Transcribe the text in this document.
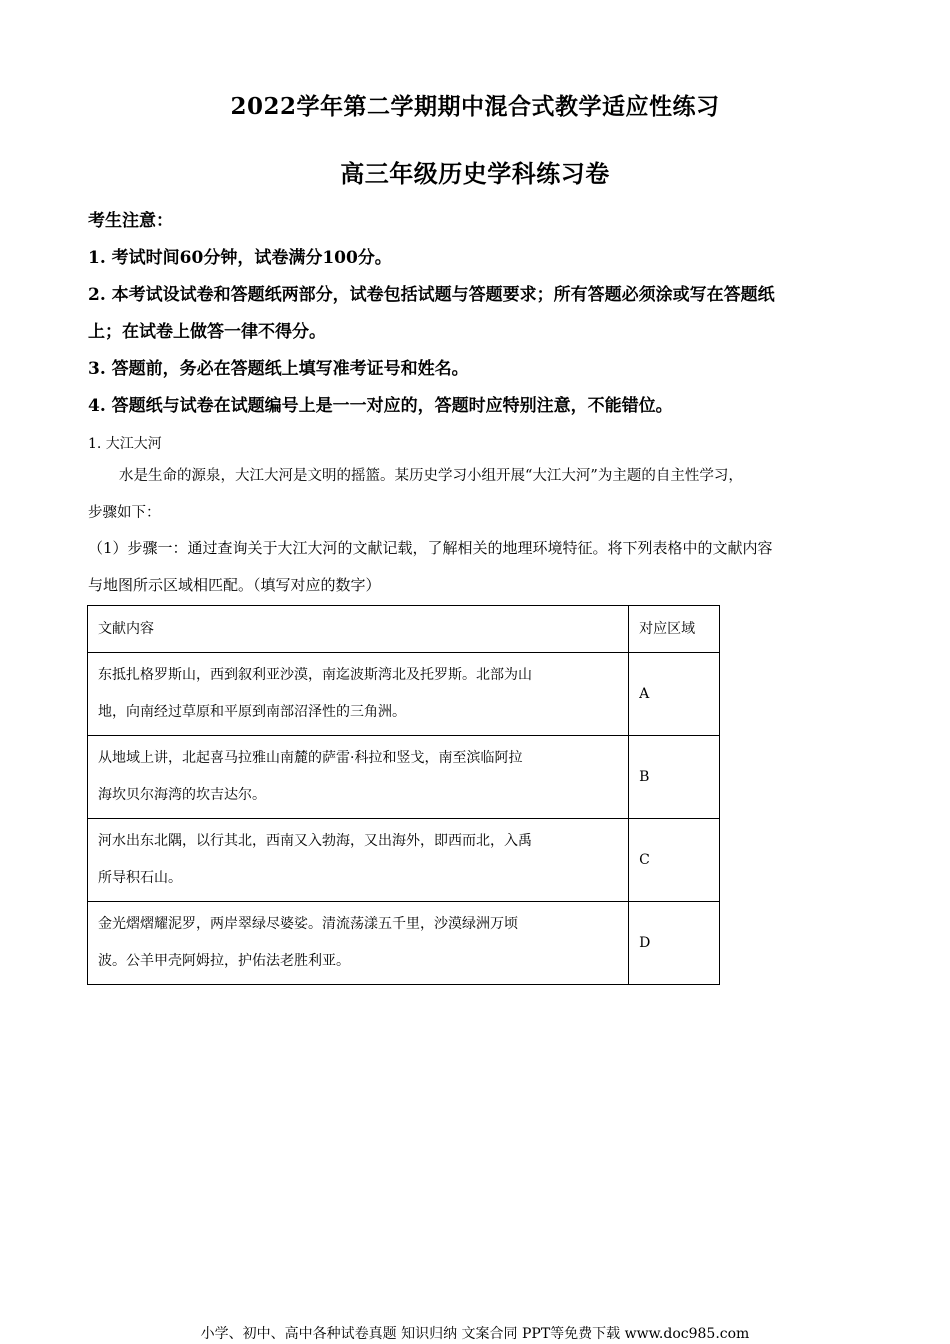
2022学年第二学期期中混合式教学适应性练习
高三年级历史学科练习卷
考生注意：
1. 考试时间60分钟，试卷满分100分。
2. 本考试设试卷和答题纸两部分，试卷包括试题与答题要求；所有答题必须涂或写在答题纸
上；在试卷上做答一律不得分。
3. 答题前，务必在答题纸上填写准考证号和姓名。
4. 答题纸与试卷在试题编号上是一一对应的，答题时应特别注意，不能错位。
1. 大江大河
水是生命的源泉，大江大河是文明的摇篮。某历史学习小组开展“大江大河”为主题的自主性学习，
步骤如下：
（1）步骤一：通过查询关于大江大河的文献记载，了解相关的地理环境特征。将下列表格中的文献内容
与地图所示区域相匹配。（填写对应的数字）
文献内容	对应区域

东抵扎格罗斯山，西到叙利亚沙漠，南迄波斯湾北及托罗斯。北部为山
地，向南经过草原和平原到南部沼泽性的三角洲。	A

从地域上讲，北起喜马拉雅山南麓的萨雷·科拉和竖戈，南至滨临阿拉
海坎贝尔海湾的坎吉达尔。	B

河水出东北隅，以行其北，西南又入勃海，又出海外，即西而北，入禹
所导积石山。	C

金光熠熠耀泥罗，两岸翠绿尽婆娑。清流荡漾五千里，沙漠绿洲万顷
波。公羊甲壳阿姆拉，护佑法老胜利亚。	D
小学、初中、高中各种试卷真题 知识归纳 文案合同 PPT等免费下载 www.doc985.com
